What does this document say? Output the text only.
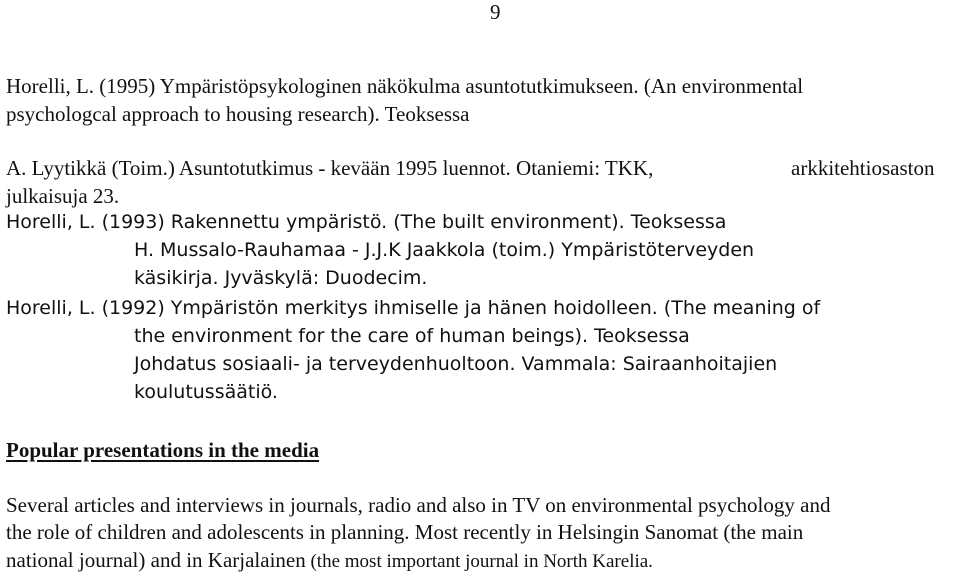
9
Horelli, L. (1995) Ympäristöpsykologinen näkökulma asuntotutkimukseen. (An environmental
psychologcal approach to housing research). Teoksessa
A. Lyytikkä (Toim.) Asuntotutkimus - kevään 1995 luennot. Otaniemi: TKK,	arkkitehtiosaston
julkaisuja 23.
Horelli, L. (1993) Rakennettu ympäristö. (The built environment). Teoksessa
H. Mussalo-Rauhamaa - J.J.K Jaakkola (toim.) Ympäristöterveyden
käsikirja. Jyväskylä: Duodecim.
Horelli, L. (1992) Ympäristön merkitys ihmiselle ja hänen hoidolleen. (The meaning of
the environment for the care of human beings). Teoksessa
Johdatus sosiaali- ja terveydenhuoltoon. Vammala: Sairaanhoitajien
koulutussäätiö.
Popular presentations in the media
Several articles and interviews in journals, radio and also in TV on environmental psychology and
the role of children and adolescents in planning. Most recently in Helsingin Sanomat (the main
national journal) and in Karjalainen (the most important journal in North Karelia.
